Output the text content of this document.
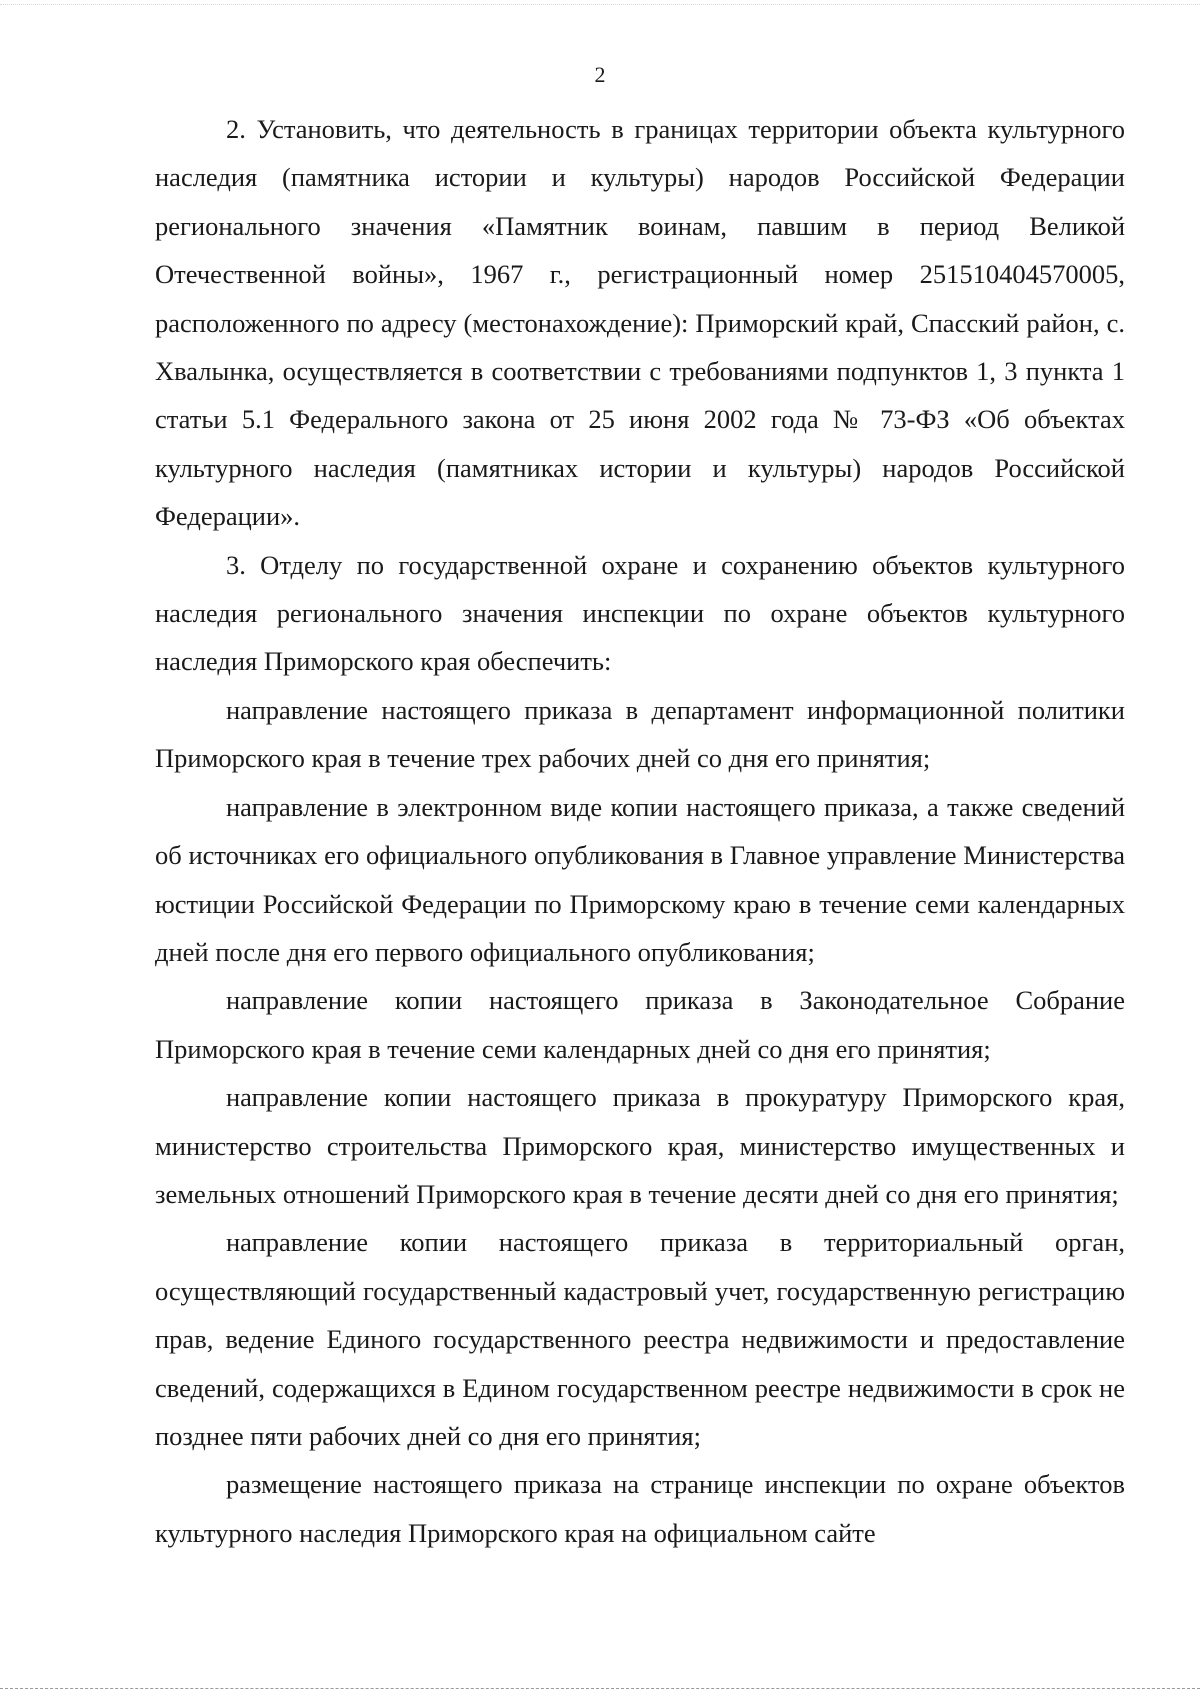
2

2. Установить, что деятельность в границах территории объекта культурного наследия (памятника истории и культуры) народов Российской Федерации регионального значения «Памятник воинам, павшим в период Великой Отечественной войны», 1967 г., регистрационный номер 251510404570005, расположенного по адресу (местонахождение): Приморский край, Спасский район, с. Хвалынка, осуществляется в соответствии с требованиями подпунктов 1, 3 пункта 1 статьи 5.1 Федерального закона от 25 июня 2002 года № 73-ФЗ «Об объектах культурного наследия (памятниках истории и культуры) народов Российской Федерации».

3. Отделу по государственной охране и сохранению объектов культурного наследия регионального значения инспекции по охране объектов культурного наследия Приморского края обеспечить:

направление настоящего приказа в департамент информационной политики Приморского края в течение трех рабочих дней со дня его принятия;

направление в электронном виде копии настоящего приказа, а также сведений об источниках его официального опубликования в Главное управление Министерства юстиции Российской Федерации по Приморскому краю в течение семи календарных дней после дня его первого официального опубликования;

направление копии настоящего приказа в Законодательное Собрание Приморского края в течение семи календарных дней со дня его принятия;

направление копии настоящего приказа в прокуратуру Приморского края, министерство строительства Приморского края, министерство имущественных и земельных отношений Приморского края в течение десяти дней со дня его принятия;

направление копии настоящего приказа в территориальный орган, осуществляющий государственный кадастровый учет, государственную регистрацию прав, ведение Единого государственного реестра недвижимости и предоставление сведений, содержащихся в Едином государственном реестре недвижимости в срок не позднее пяти рабочих дней со дня его принятия;

размещение настоящего приказа на странице инспекции по охране объектов культурного наследия Приморского края на официальном сайте
